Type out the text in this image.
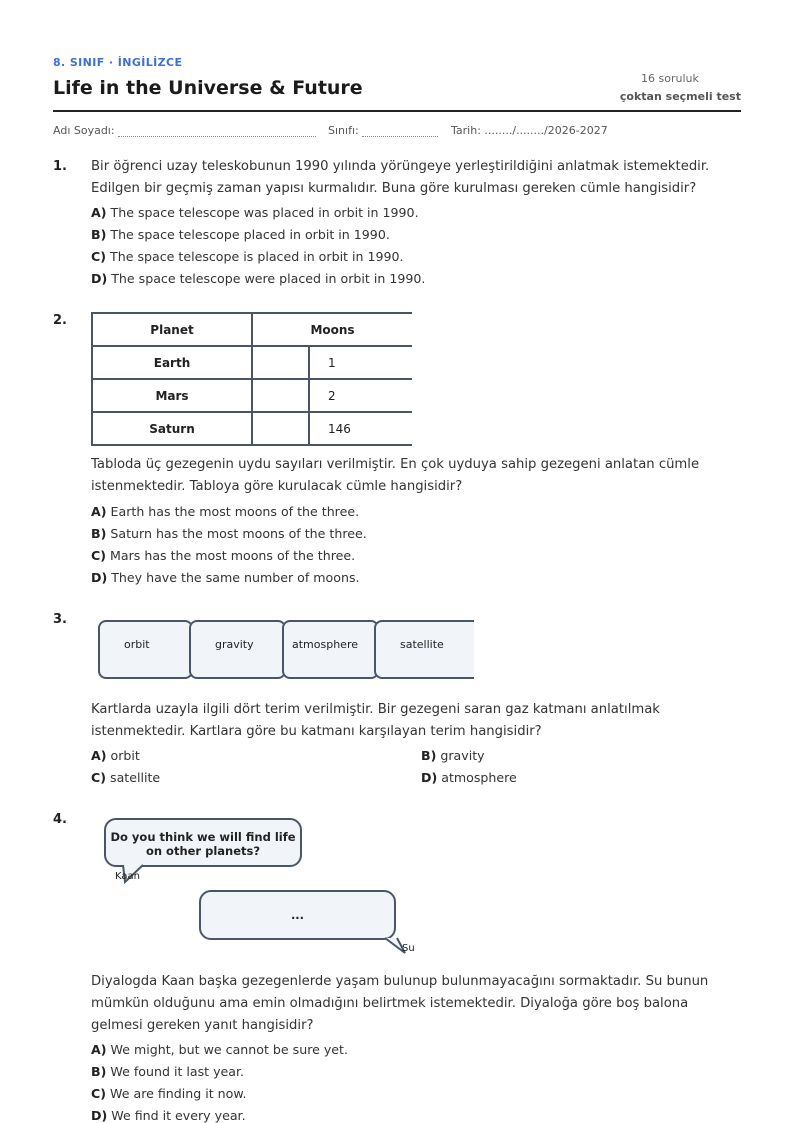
8. SINIF · İNGİLİZCE
Life in the Universe & Future	16 soruluk
çoktan seçmeli test
Adı Soyadı:	Sınıfı:	Tarih: ......../......../2026-2027
1. Bir öğrenci uzay teleskobunun 1990 yılında yörüngeye yerleştirildiğini anlatmak istemektedir. Edilgen bir geçmiş zaman yapısı kurmalıdır. Buna göre kurulması gereken cümle hangisidir?
A) The space telescope was placed in orbit in 1990.
B) The space telescope placed in orbit in 1990.
C) The space telescope is placed in orbit in 1990.
D) The space telescope were placed in orbit in 1990.
2.
Planet	Moons	
Earth		1
Mars		2
Saturn		146
Tabloda üç gezegenin uydu sayıları verilmiştir. En çok uyduya sahip gezegeni anlatan cümle istenmektedir. Tabloya göre kurulacak cümle hangisidir?
A) Earth has the most moons of the three.
B) Saturn has the most moons of the three.
C) Mars has the most moons of the three.
D) They have the same number of moons.
3.
orbit	gravity	atmosphere	satellite
Kartlarda uzayla ilgili dört terim verilmiştir. Bir gezegeni saran gaz katmanı anlatılmak istenmektedir. Kartlara göre bu katmanı karşılayan terim hangisidir?
A) orbit	B) gravity
C) satellite	D) atmosphere
4.
Do you think we will find life
on other planets?
Kaan
...
Su
Diyalogda Kaan başka gezegenlerde yaşam bulunup bulunmayacağını sormaktadır. Su bunun mümkün olduğunu ama emin olmadığını belirtmek istemektedir. Diyaloğa göre boş balona gelmesi gereken yanıt hangisidir?
A) We might, but we cannot be sure yet.
B) We found it last year.
C) We are finding it now.
D) We find it every year.
